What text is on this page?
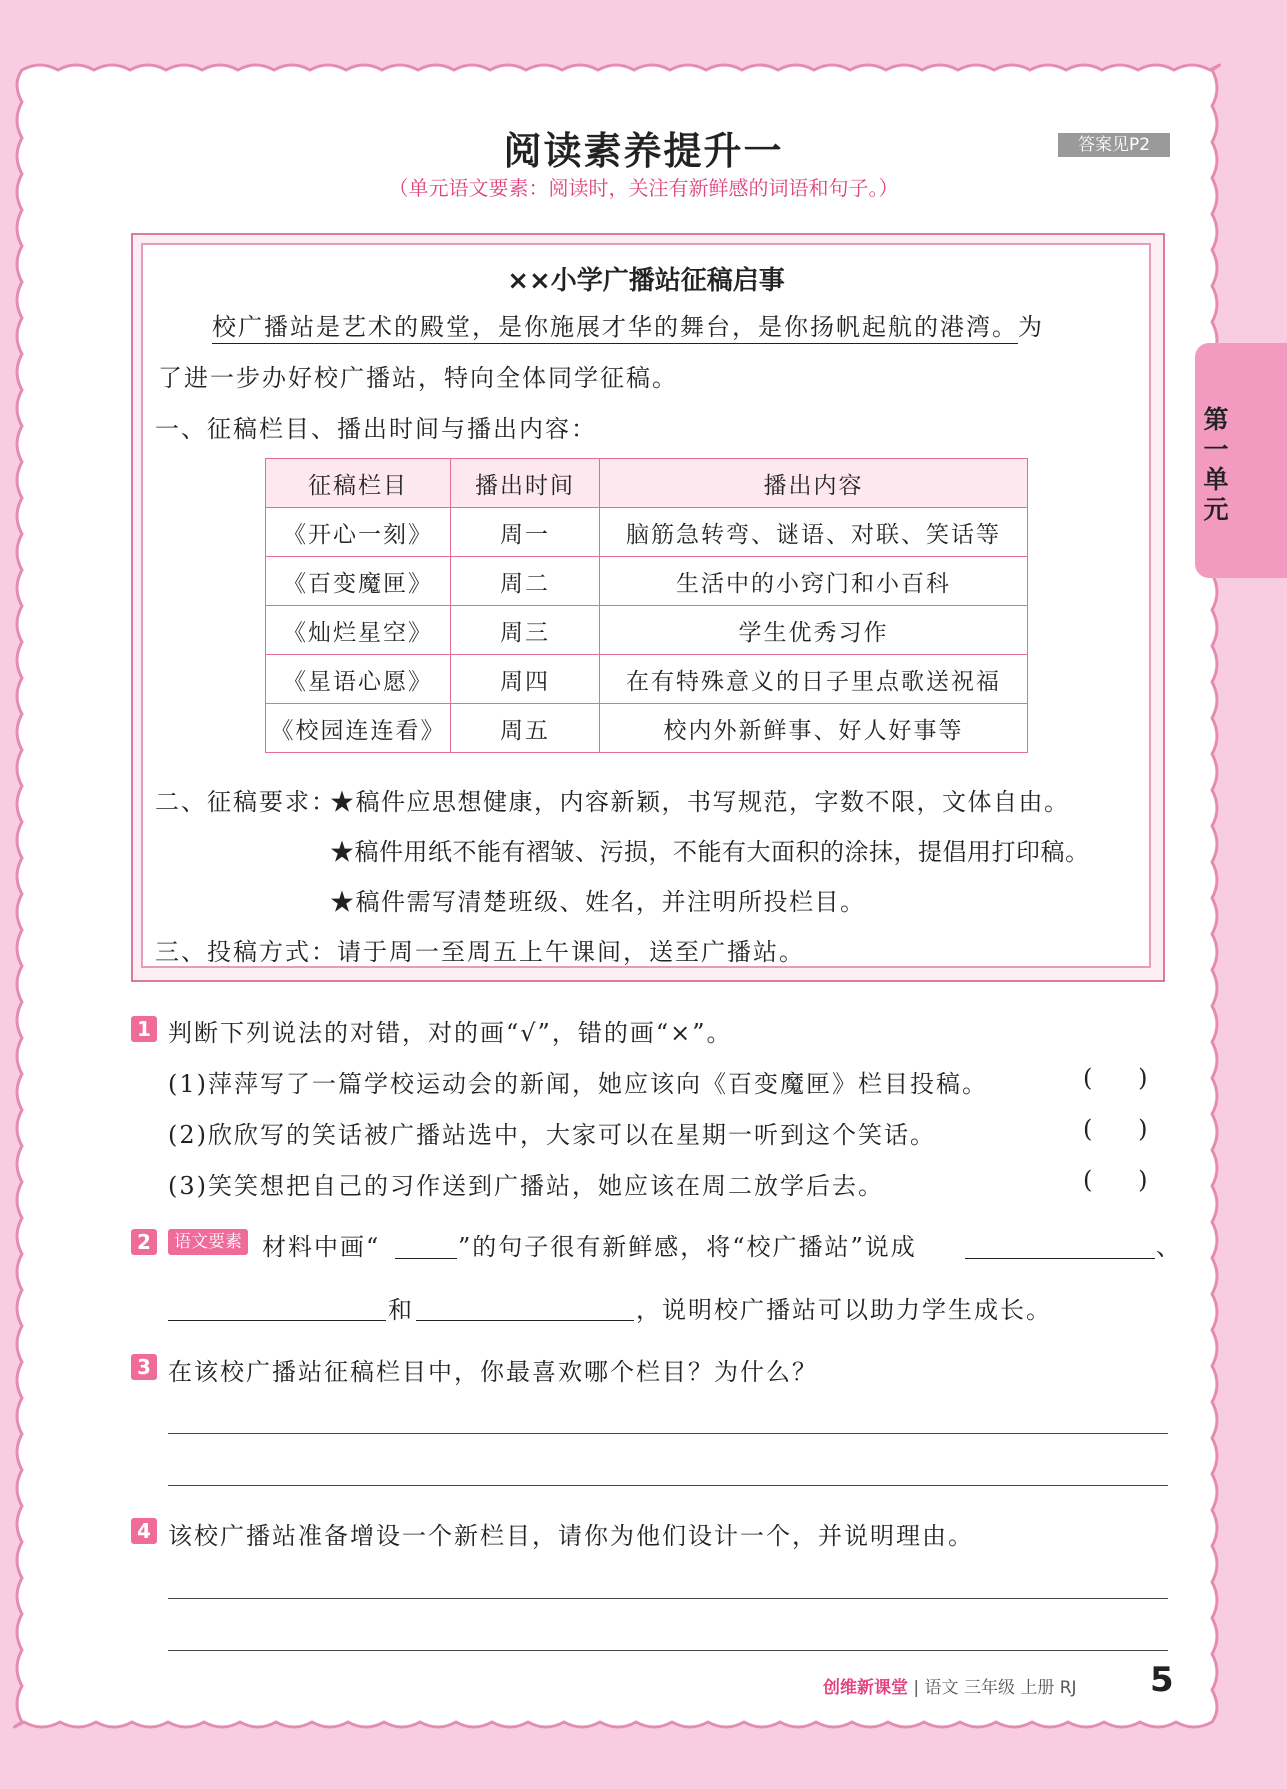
阅读素养提升一	答案见P2
（单元语文要素：阅读时，关注有新鲜感的词语和句子。）
第一单元
××小学广播站征稿启事
校广播站是艺术的殿堂，是你施展才华的舞台，是你扬帆起航的港湾。为
了进一步办好校广播站，特向全体同学征稿。
一、征稿栏目、播出时间与播出内容：
征稿栏目	播出时间	播出内容
《开心一刻》	周一	脑筋急转弯、谜语、对联、笑话等
《百变魔匣》	周二	生活中的小窍门和小百科
《灿烂星空》	周三	学生优秀习作
《星语心愿》	周四	在有特殊意义的日子里点歌送祝福
《校园连连看》	周五	校内外新鲜事、好人好事等
二、征稿要求：
★稿件应思想健康，内容新颖，书写规范，字数不限，文体自由。
★稿件用纸不能有褶皱、污损，不能有大面积的涂抹，提倡用打印稿。
★稿件需写清楚班级、姓名，并注明所投栏目。
三、投稿方式：请于周一至周五上午课间，送至广播站。
1 判断下列说法的对错，对的画“√”，错的画“×”。
(1)萍萍写了一篇学校运动会的新闻，她应该向《百变魔匣》栏目投稿。	(      )
(2)欣欣写的笑话被广播站选中，大家可以在星期一听到这个笑话。	(      )
(3)笑笑想把自己的习作送到广播站，她应该在周二放学后去。	(      )
2	语文要素 材料中画“	”的句子很有新鲜感，将“校广播站”说成	、
和	，说明校广播站可以助力学生成长。
3 在该校广播站征稿栏目中，你最喜欢哪个栏目？为什么？
4 该校广播站准备增设一个新栏目，请你为他们设计一个，并说明理由。
创维新课堂 | 语文 三年级 上册 RJ 5
